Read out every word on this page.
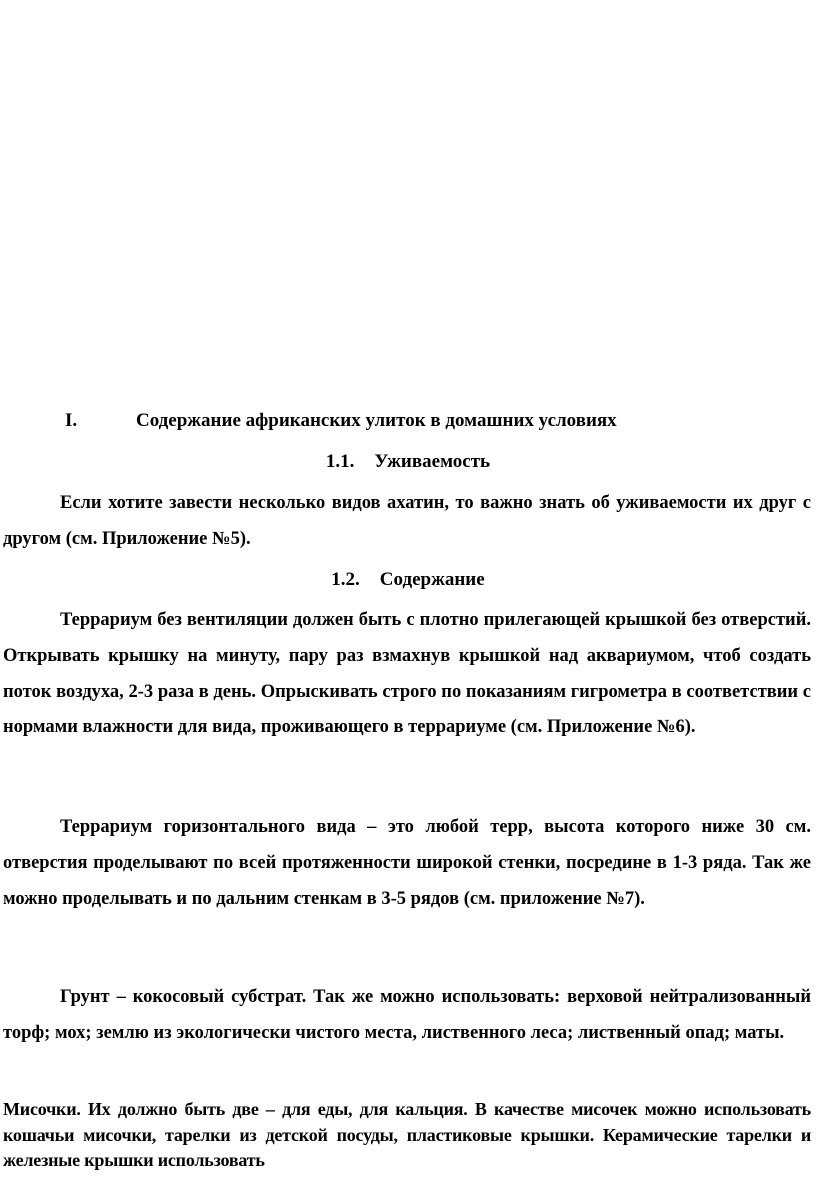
I.	Содержание африканских улиток в домашних условиях
1.1. Уживаемость

Если хотите завести несколько видов ахатин, то важно знать об уживаемости их друг с другом (см. Приложение №5).

1.2. Содержание

Террариум без вентиляции должен быть с плотно прилегающей крышкой без отверстий. Открывать крышку на минуту, пару раз взмахнув крышкой над аквариумом, чтоб создать поток воздуха, 2-3 раза в день. Опрыскивать строго по показаниям гигрометра в соответствии с нормами влажности для вида, проживающего в террариуме (см. Приложение №6).

Террариум горизонтального вида – это любой терр, высота которого ниже 30 см. отверстия проделывают по всей протяженности широкой стенки, посредине в 1-3 ряда. Так же можно проделывать и по дальним стенкам в 3-5 рядов (см. приложение №7).

Грунт – кокосовый субстрат. Так же можно использовать: верховой нейтрализованный торф; мох; землю из экологически чистого места, лиственного леса; лиственный опад; маты.

Мисочки. Их должно быть две – для еды, для кальция. В качестве мисочек можно использовать кошачьи мисочки, тарелки из детской посуды, пластиковые крышки. Керамические тарелки и железные крышки использовать
